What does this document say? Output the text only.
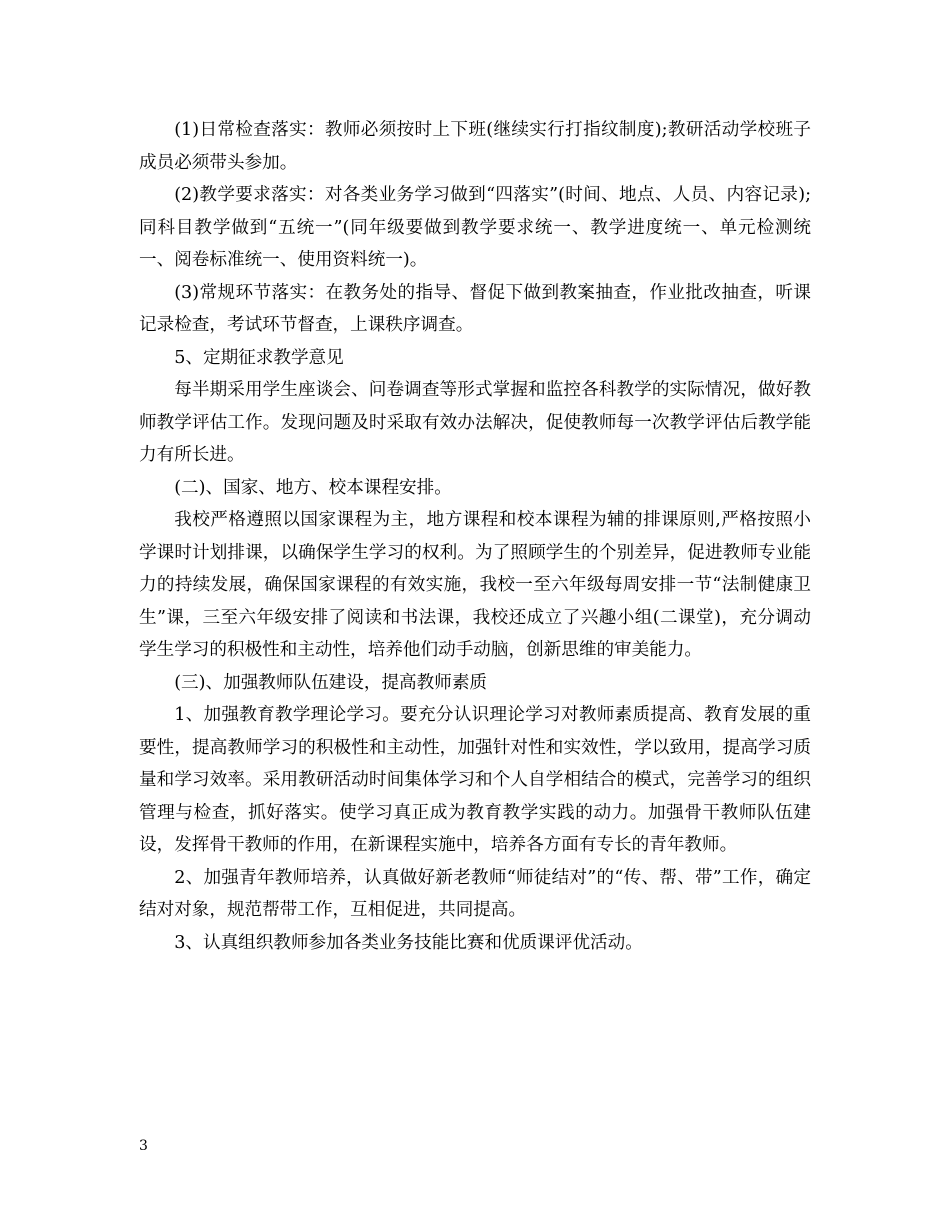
(1)日常检查落实：教师必须按时上下班(继续实行打指纹制度);教研活动学校班子成员必须带头参加。

(2)教学要求落实：对各类业务学习做到“四落实”(时间、地点、人员、内容记录);同科目教学做到“五统一”(同年级要做到教学要求统一、教学进度统一、单元检测统一、阅卷标准统一、使用资料统一)。

(3)常规环节落实：在教务处的指导、督促下做到教案抽查，作业批改抽查，听课记录检查，考试环节督查，上课秩序调查。

5、定期征求教学意见

每半期采用学生座谈会、问卷调查等形式掌握和监控各科教学的实际情况，做好教师教学评估工作。发现问题及时采取有效办法解决，促使教师每一次教学评估后教学能力有所长进。

(二)、国家、地方、校本课程安排。

我校严格遵照以国家课程为主，地方课程和校本课程为辅的排课原则,严格按照小学课时计划排课，以确保学生学习的权利。为了照顾学生的个别差异，促进教师专业能力的持续发展，确保国家课程的有效实施，我校一至六年级每周安排一节“法制健康卫生”课，三至六年级安排了阅读和书法课，我校还成立了兴趣小组(二课堂)，充分调动学生学习的积极性和主动性，培养他们动手动脑，创新思维的审美能力。

(三)、加强教师队伍建设，提高教师素质

1、加强教育教学理论学习。要充分认识理论学习对教师素质提高、教育发展的重要性，提高教师学习的积极性和主动性，加强针对性和实效性，学以致用，提高学习质量和学习效率。采用教研活动时间集体学习和个人自学相结合的模式，完善学习的组织管理与检查，抓好落实。使学习真正成为教育教学实践的动力。加强骨干教师队伍建设，发挥骨干教师的作用，在新课程实施中，培养各方面有专长的青年教师。

2、加强青年教师培养，认真做好新老教师“师徒结对”的“传、帮、带”工作，确定结对对象，规范帮带工作，互相促进，共同提高。

3、认真组织教师参加各类业务技能比赛和优质课评优活动。

3
